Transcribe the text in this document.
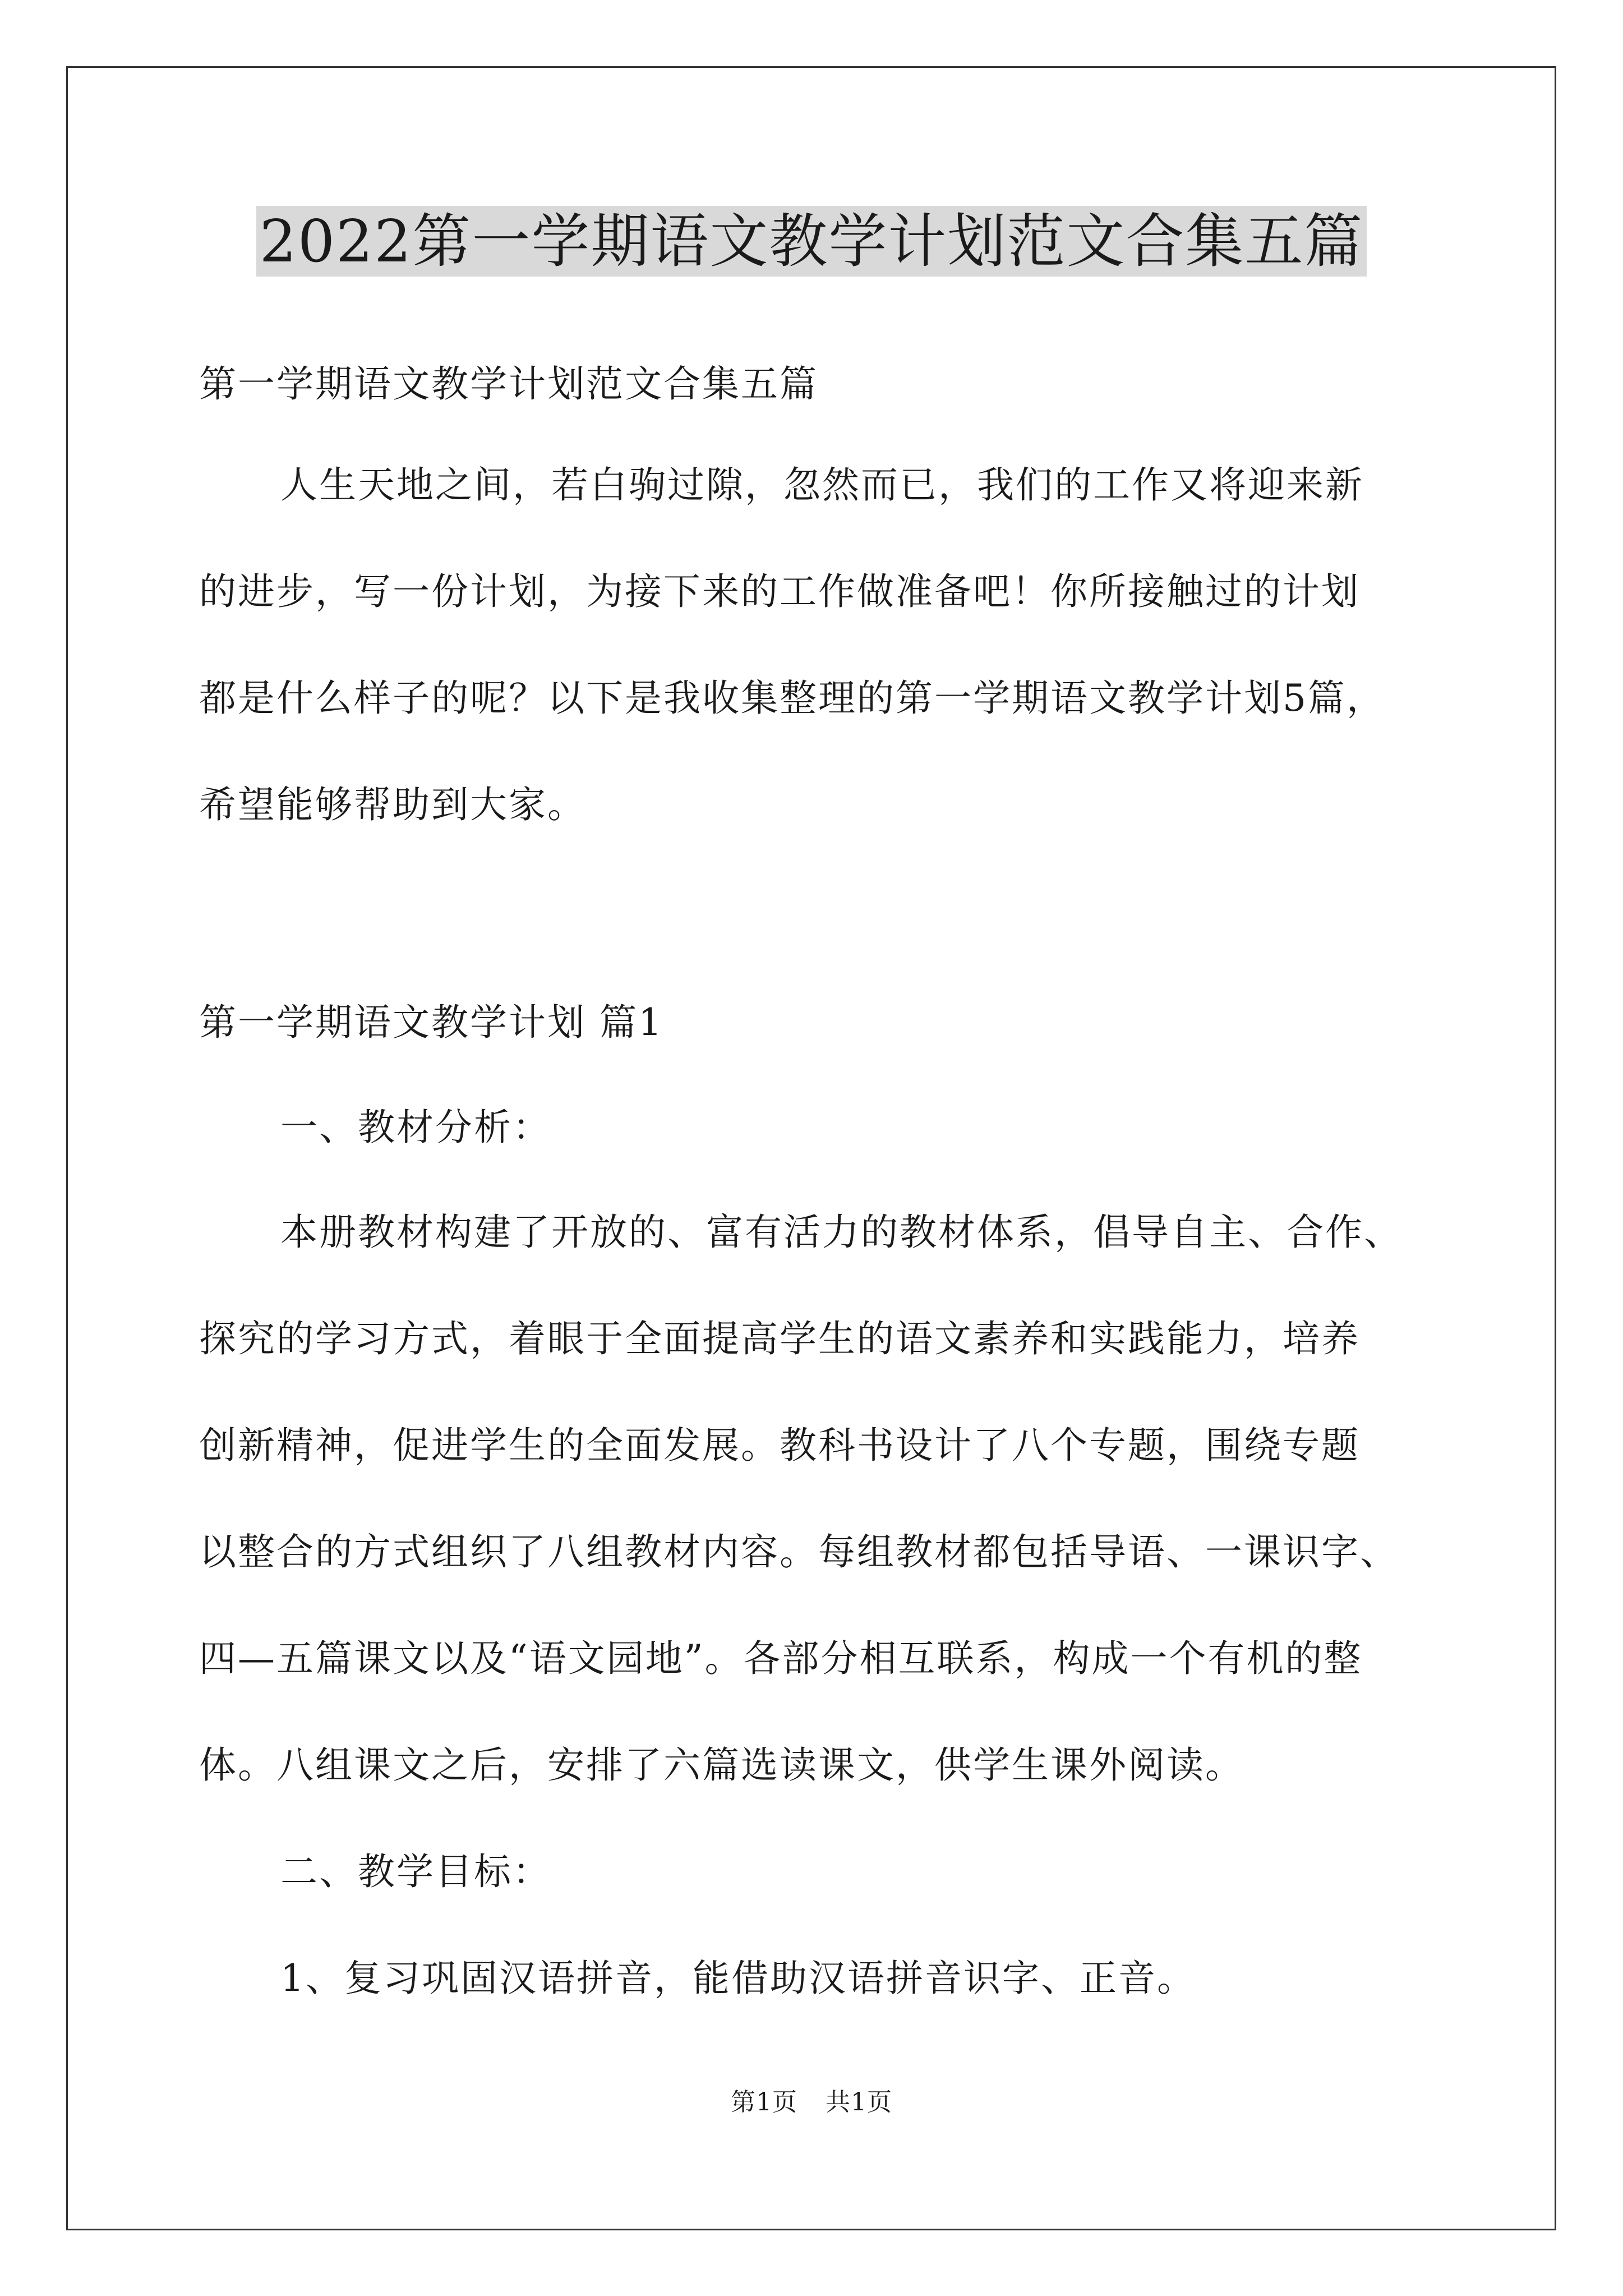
2022第一学期语文教学计划范文合集五篇
第一学期语文教学计划范文合集五篇
人生天地之间，若白驹过隙，忽然而已，我们的工作又将迎来新
的进步，写一份计划，为接下来的工作做准备吧！你所接触过的计划
都是什么样子的呢？以下是我收集整理的第一学期语文教学计划5篇，
希望能够帮助到大家。
第一学期语文教学计划 篇1
一、教材分析：
本册教材构建了开放的、富有活力的教材体系，倡导自主、合作、
探究的学习方式，着眼于全面提高学生的语文素养和实践能力，培养
创新精神，促进学生的全面发展。教科书设计了八个专题，围绕专题
以整合的方式组织了八组教材内容。每组教材都包括导语、一课识字、
四—五篇课文以及“语文园地”。各部分相互联系，构成一个有机的整
体。八组课文之后，安排了六篇选读课文，供学生课外阅读。
二、教学目标：
1、复习巩固汉语拼音，能借助汉语拼音识字、正音。
第1页 共1页
